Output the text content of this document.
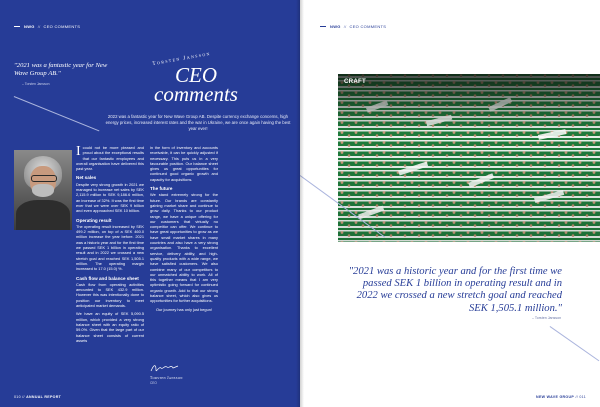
NWG // CEO COMMENTS
"2021 was a fantastic year for New Wave Group AB."
– Torsten Jansson
Torsten Jansson
CEO
comments
2022 was a fantastic year for New Wave Group AB. Despite currency exchange concerns, high energy prices, increased interest rates and the war in Ukraine, we are once again having the best year ever!

Icould not be more pleased and proud about the exceptional results that our fantastic employees and overall organisation have delivered this past year.

Net sales

Despite very strong growth in 2021 we managed to increase net sales by SEK 2,115.9 million to SEK 9,186.6 million, an increase of 32%. It was the first time ever that we were over SEK 9 billion and even approached SEK 10 billion.

Operating result

The operating result increased by SEK 499.2 million, on top of a SEK 460.0 million increase the year before. 2021 was a historic year and for the first time we passed SEK 1 billion in operating result and in 2022 we crossed a new stretch goal and reached SEK 1,505.1 million. The operating margin increased to 17.0 (15.0) %.

Cash flow and balance sheet

Cash flow from operating activities amounted to SEK 432.9 million. However this was intentionally done to position our inventory to meet anticipated market demands.

We have an equity of SEK 5,090.5 million, which provided a very strong balance sheet with an equity ratio of 59.0%. Given that the large part of our balance sheet consists of current assets

in the form of inventory and accounts receivable, it can be quickly adjusted if necessary. This puts us in a very favourable position. Our balance sheet gives us great opportunities for continued good organic growth and capacity for acquisitions.

The future

We stand extremely strong for the future. Our brands are constantly gaining market share and continue to grow daily. Thanks to our product range, we have a unique offering for our customers that virtually no competitor can offer. We continue to have great opportunities to grow as we have small market shares in many countries and also have a very strong organisation. Thanks to excellent service, delivery ability, and high-quality products with a wide range, we have satisfied customers. We also combine many of our competitors to our unmatched ability to work. All of this together means that I am very optimistic going forward for continued organic growth. Add to that our strong balance sheet, which also gives us opportunities for further acquisitions.

Our journey has only just begun!

Torsten Jansson
CEO
010 // ANNUAL REPORT
NWG // CEO COMMENTS
CRAFT
"2021 was a historic year and for the first time we passed SEK 1 billion in operating result and in 2022 we crossed a new stretch goal and reached SEK 1,505.1 million."
– Torsten Jansson
NEW WAVE GROUP // 011
